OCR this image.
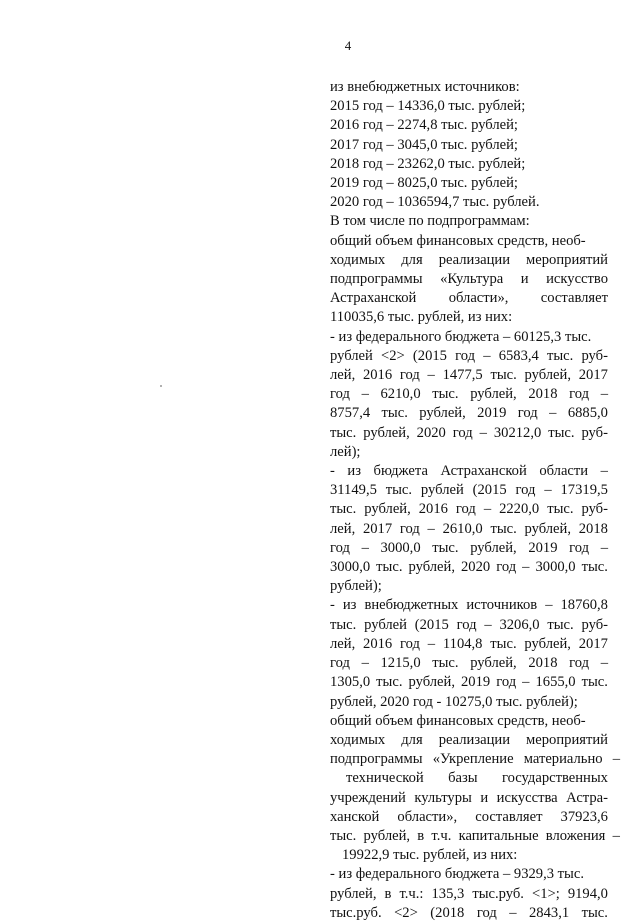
4
из внебюджетных источников:
2015 год – 14336,0 тыс. рублей;
2016 год – 2274,8 тыс. рублей;
2017 год – 3045,0 тыс. рублей;
2018 год – 23262,0 тыс. рублей;
2019 год – 8025,0 тыс. рублей;
2020 год – 1036594,7 тыс. рублей.
В том числе по подпрограммам:
общий объем финансовых средств, необ-
ходимых для реализации мероприятий
подпрограммы «Культура и искусство
Астраханской области», составляет
110035,6 тыс. рублей, из них:
- из федерального бюджета – 60125,3 тыс.
рублей <2> (2015 год – 6583,4 тыс. руб-
лей, 2016 год – 1477,5 тыс. рублей, 2017
год – 6210,0 тыс. рублей, 2018 год –
8757,4 тыс. рублей, 2019 год – 6885,0
тыс. рублей, 2020 год – 30212,0 тыс. руб-
лей);
- из бюджета Астраханской области –
31149,5 тыс. рублей (2015 год – 17319,5
тыс. рублей, 2016 год – 2220,0 тыс. руб-
лей, 2017 год – 2610,0 тыс. рублей, 2018
год – 3000,0 тыс. рублей, 2019 год –
3000,0 тыс. рублей, 2020 год – 3000,0 тыс.
рублей);
- из внебюджетных источников – 18760,8
тыс. рублей (2015 год – 3206,0 тыс. руб-
лей, 2016 год – 1104,8 тыс. рублей, 2017
год – 1215,0 тыс. рублей, 2018 год –
1305,0 тыс. рублей, 2019 год – 1655,0 тыс.
рублей, 2020 год - 10275,0 тыс. рублей);
общий объем финансовых средств, необ-
ходимых для реализации мероприятий
подпрограммы «Укрепление материально –
технической базы государственных
учреждений культуры и искусства Астра-
ханской области», составляет 37923,6
тыс. рублей, в т.ч. капитальные вложения –
19922,9 тыс. рублей, из них:
- из федерального бюджета – 9329,3 тыс.
рублей, в т.ч.: 135,3 тыс.руб. <1>; 9194,0
тыс.руб. <2> (2018 год – 2843,1 тыс.
